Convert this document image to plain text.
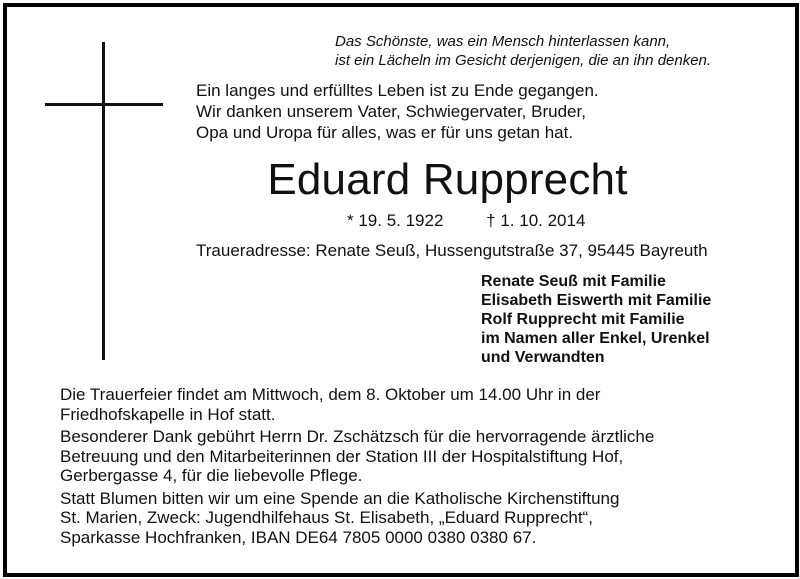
Das Schönste, was ein Mensch hinterlassen kann,
ist ein Lächeln im Gesicht derjenigen, die an ihn denken.
Ein langes und erfülltes Leben ist zu Ende gegangen.
Wir danken unserem Vater, Schwiegervater, Bruder,
Opa und Uropa für alles, was er für uns getan hat.
Eduard Rupprecht
* 19. 5. 1922	† 1. 10. 2014
Traueradresse: Renate Seuß, Hussengutstraße 37, 95445 Bayreuth
Renate Seuß mit Familie
Elisabeth Eiswerth mit Familie
Rolf Rupprecht mit Familie
im Namen aller Enkel, Urenkel
und Verwandten

Die Trauerfeier findet am Mittwoch, dem 8. Oktober um 14.00 Uhr in der
Friedhofskapelle in Hof statt.

Besonderer Dank gebührt Herrn Dr. Zschätzsch für die hervorragende ärztliche
Betreuung und den Mitarbeiterinnen der Station III der Hospitalstiftung Hof,
Gerbergasse 4, für die liebevolle Pflege.

Statt Blumen bitten wir um eine Spende an die Katholische Kirchenstiftung
St. Marien, Zweck: Jugendhilfehaus St. Elisabeth, „Eduard Rupprecht“,
Sparkasse Hochfranken, IBAN DE64 7805 0000 0380 0380 67.
